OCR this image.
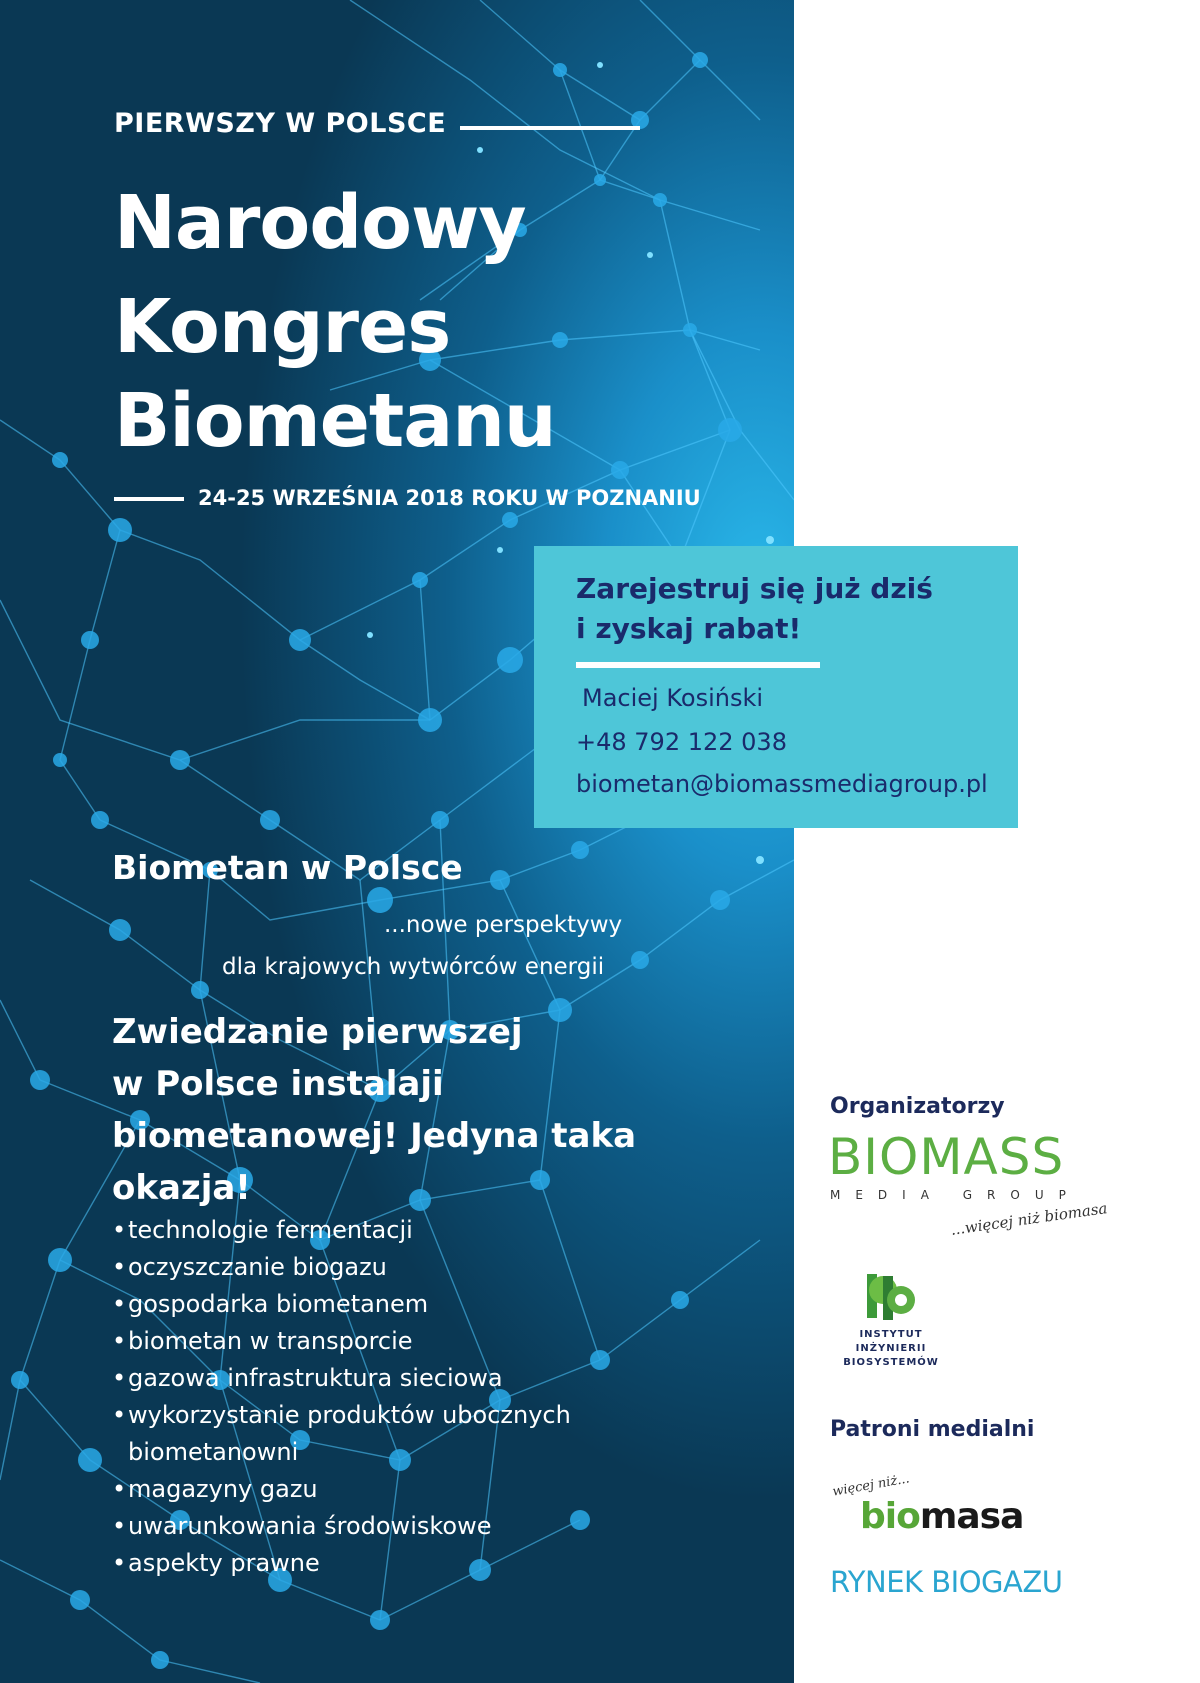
PIERWSZY W POLSCE
Narodowy
Kongres
Biometanu
24-25 WRZEŚNIA 2018 ROKU W POZNANIU
Zarejestruj się już dziś
i zyskaj rabat!
Maciej Kosiński
+48 792 122 038
biometan@biomassmediagroup.pl
Biometan w Polsce
...nowe perspektywy
dla krajowych wytwórców energii
Zwiedzanie pierwszej
w Polsce instalaji
biometanowej! Jedyna taka
okazja!
•technologie fermentacji
•oczyszczanie biogazu
•gospodarka biometanem
•biometan w transporcie
•gazowa infrastruktura sieciowa
•wykorzystanie produktów ubocznych
biometanowni
•magazyny gazu
•uwarunkowania środowiskowe
•aspekty prawne
Organizatorzy
BIOMASS
MEDIA GROUP
...więcej niż biomasa
INSTYTUT INŻYNIERII
BIOSYSTEMÓW
Patroni medialni
więcej niż...
biomasa
RYNEK BIOGAZU
